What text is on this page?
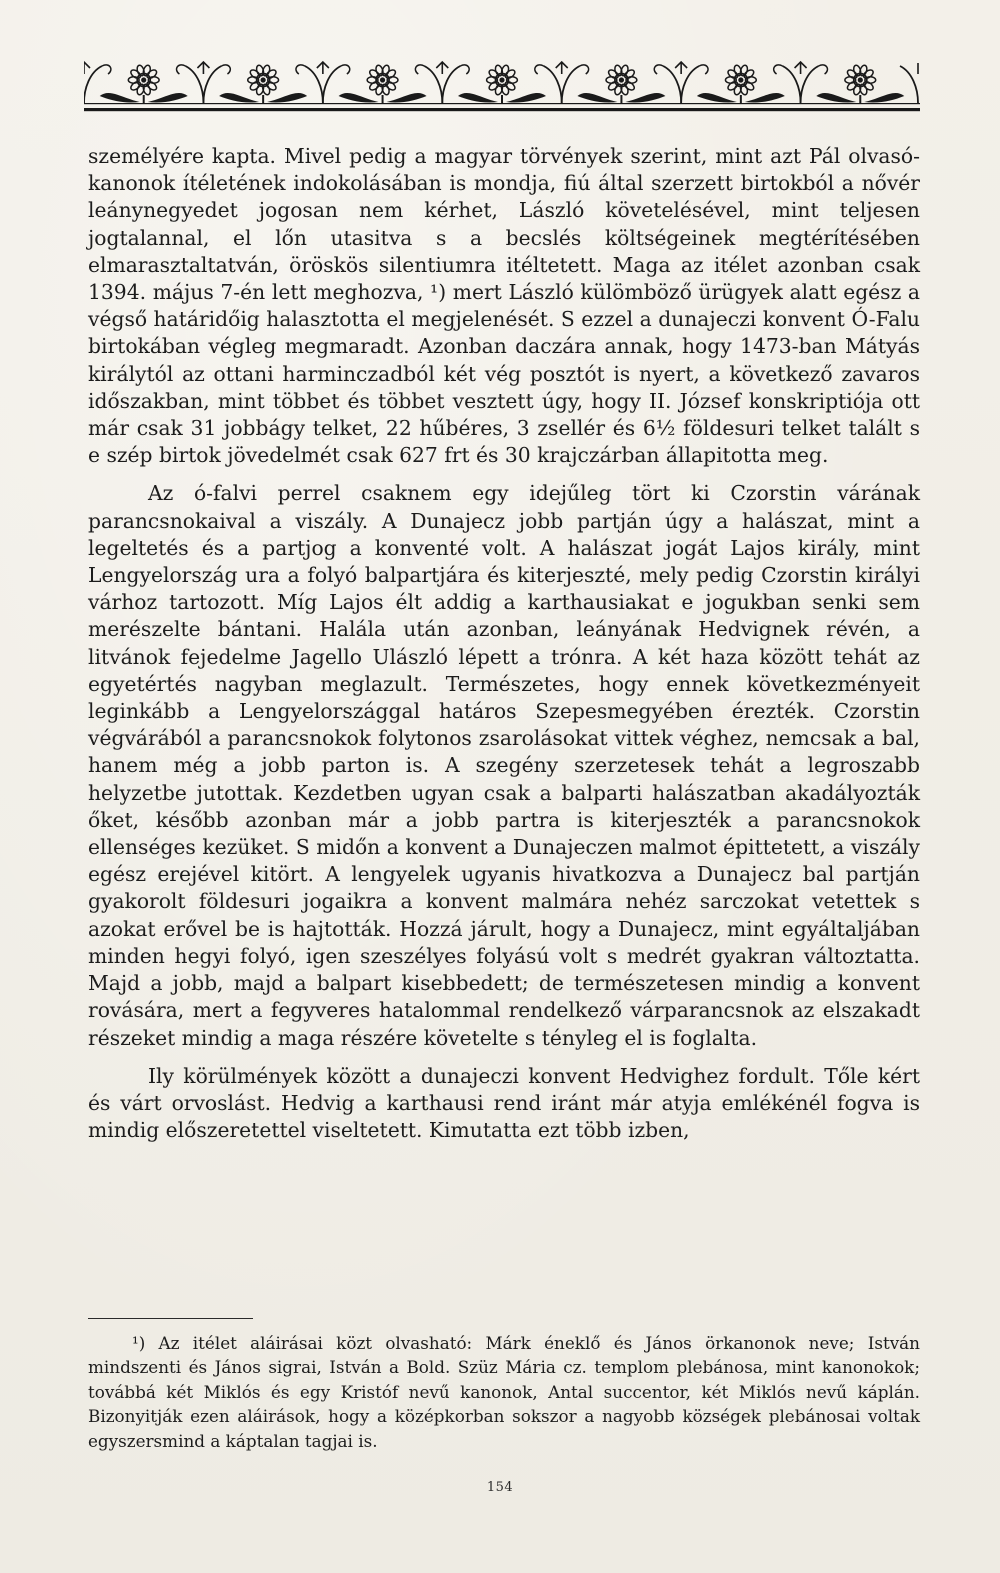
személyére kapta. Mivel pedig a magyar törvények szerint, mint azt Pál olvasó-kanonok ítéletének indokolásában is mondja, fiú által szerzett birtokból a nővér leánynegyedet jogosan nem kérhet, László követelésével, mint teljesen jogtalannal, el lőn utasitva s a becslés költségeinek megtérítésében elmarasztaltatván, öröskös silentiumra itéltetett. Maga az itélet azonban csak 1394. május 7-én lett meghozva, ¹) mert László külömböző ürügyek alatt egész a végső határidőig halasztotta el megjelenését. S ezzel a dunajeczi konvent Ó-Falu birtokában végleg megmaradt. Azonban daczára annak, hogy 1473-ban Mátyás királytól az ottani harminczadból két vég posztót is nyert, a következő zavaros időszakban, mint többet és többet vesztett úgy, hogy II. József konskriptiója ott már csak 31 jobbágy telket, 22 hűbéres, 3 zsellér és 6½ földesuri telket talált s e szép birtok jövedelmét csak 627 frt és 30 krajczárban állapitotta meg.

Az ó-falvi perrel csaknem egy idejűleg tört ki Czorstin várának parancsnokaival a viszály. A Dunajecz jobb partján úgy a halászat, mint a legeltetés és a partjog a konventé volt. A halászat jogát Lajos király, mint Lengyelország ura a folyó balpartjára és kiterjeszté, mely pedig Czorstin királyi várhoz tartozott. Míg Lajos élt addig a karthausiakat e jogukban senki sem merészelte bántani. Halála után azonban, leányának Hedvignek révén, a litvánok fejedelme Jagello Ulászló lépett a trónra. A két haza között tehát az egyetértés nagyban meglazult. Természetes, hogy ennek következményeit leginkább a Lengyelországgal határos Szepesmegyében érezték. Czorstin végvárából a parancsnokok folytonos zsarolásokat vittek véghez, nemcsak a bal, hanem még a jobb parton is. A szegény szerzetesek tehát a legroszabb helyzetbe jutottak. Kezdetben ugyan csak a balparti halászatban akadályozták őket, később azonban már a jobb partra is kiterjeszték a parancsnokok ellenséges kezüket. S midőn a konvent a Dunajeczen malmot épittetett, a viszály egész erejével kitört. A lengyelek ugyanis hivatkozva a Dunajecz bal partján gyakorolt földesuri jogaikra a konvent malmára nehéz sarczokat vetettek s azokat erővel be is hajtották. Hozzá járult, hogy a Dunajecz, mint egyáltaljában minden hegyi folyó, igen szeszélyes folyású volt s medrét gyakran változtatta. Majd a jobb, majd a balpart kisebbedett; de természetesen mindig a konvent rovására, mert a fegyveres hatalommal rendelkező várparancsnok az elszakadt részeket mindig a maga részére követelte s tényleg el is foglalta.

Ily körülmények között a dunajeczi konvent Hedvighez fordult. Tőle kért és várt orvoslást. Hedvig a karthausi rend iránt már atyja emlékénél fogva is mindig előszeretettel viseltetett. Kimutatta ezt több izben,

¹) Az itélet aláirásai közt olvasható: Márk éneklő és János örkanonok neve; István mindszenti és János sigrai, István a Bold. Szüz Mária cz. templom plebánosa, mint kanonokok; továbbá két Miklós és egy Kristóf nevű kanonok, Antal succentor, két Miklós nevű káplán. Bizonyitják ezen aláirások, hogy a középkorban sokszor a nagyobb községek plebánosai voltak egyszersmind a káptalan tagjai is.

154
